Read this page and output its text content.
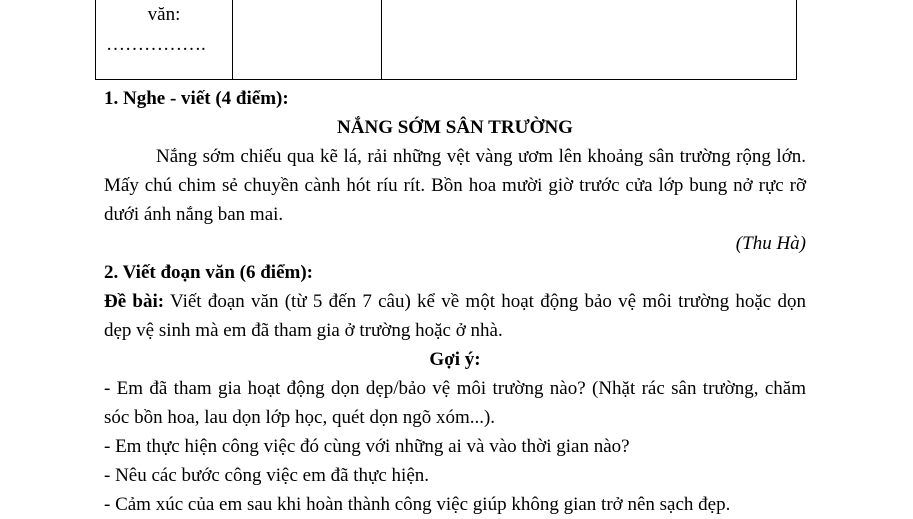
văn:
…………….

1. Nghe - viết (4 điểm):

NẮNG SỚM SÂN TRƯỜNG

Nắng sớm chiếu qua kẽ lá, rải những vệt vàng ươm lên khoảng sân trường rộng lớn. Mấy chú chim sẻ chuyền cành hót ríu rít. Bồn hoa mười giờ trước cửa lớp bung nở rực rỡ dưới ánh nắng ban mai.

(Thu Hà)

2. Viết đoạn văn (6 điểm):

Đề bài: Viết đoạn văn (từ 5 đến 7 câu) kể về một hoạt động bảo vệ môi trường hoặc dọn dẹp vệ sinh mà em đã tham gia ở trường hoặc ở nhà.

Gợi ý:

- Em đã tham gia hoạt động dọn dẹp/bảo vệ môi trường nào? (Nhặt rác sân trường, chăm sóc bồn hoa, lau dọn lớp học, quét dọn ngõ xóm...).

- Em thực hiện công việc đó cùng với những ai và vào thời gian nào?

- Nêu các bước công việc em đã thực hiện.

- Cảm xúc của em sau khi hoàn thành công việc giúp không gian trở nên sạch đẹp.
